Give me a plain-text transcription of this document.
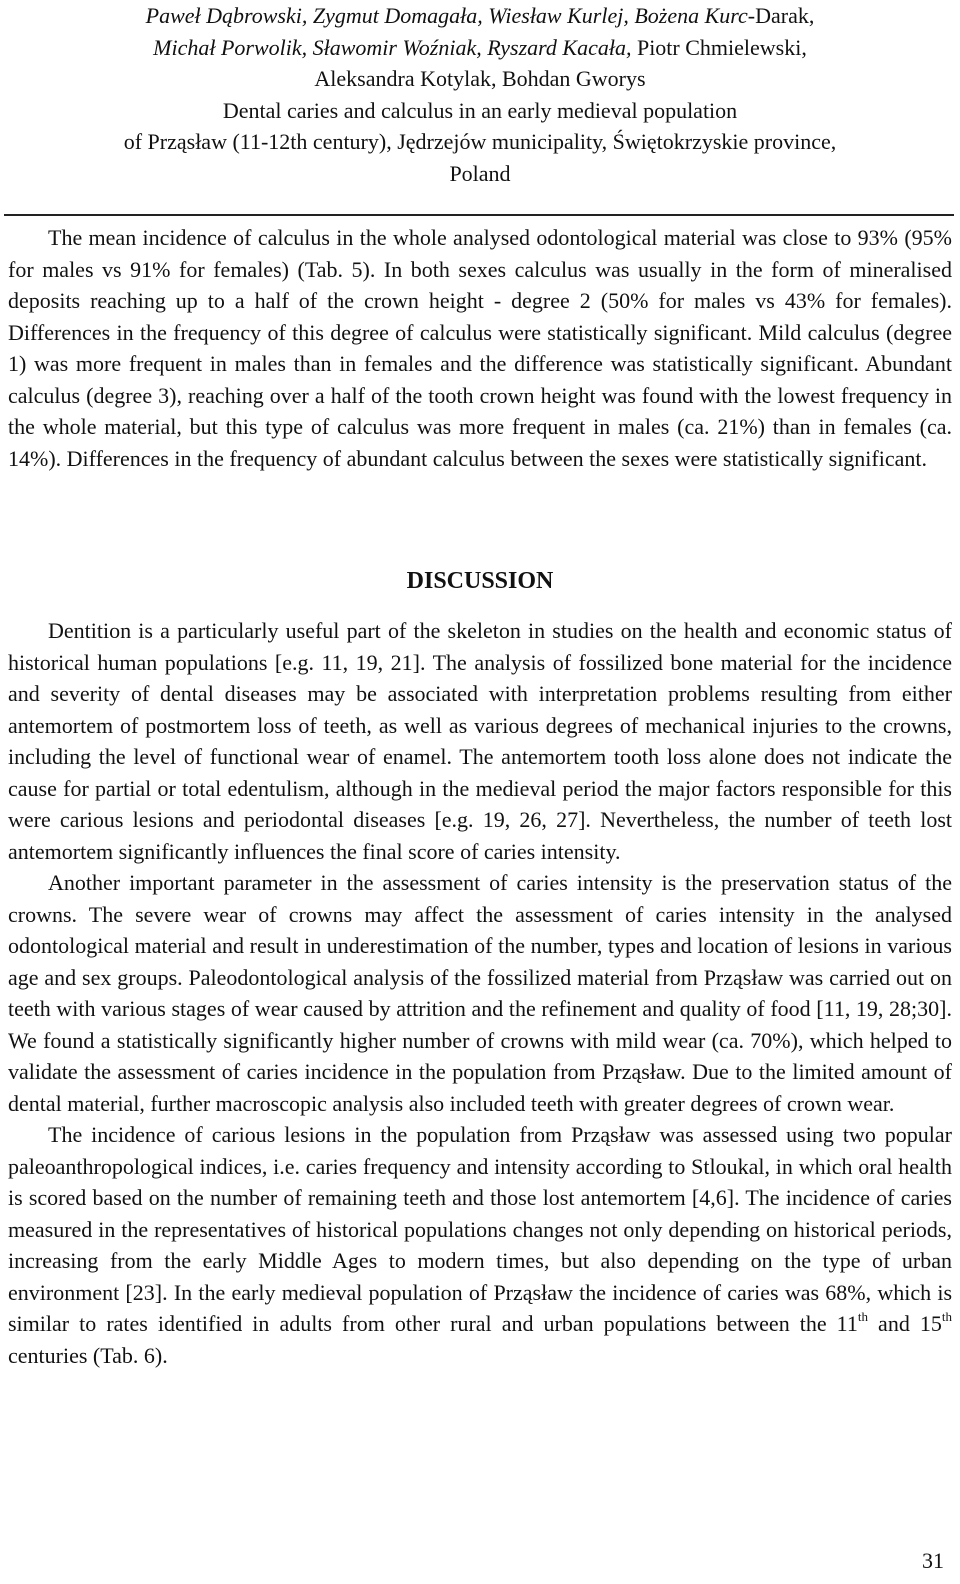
Paweł Dąbrowski, Zygmut Domagała, Wiesław Kurlej, Bożena Kurc-Darak,
Michał Porwolik, Sławomir Woźniak, Ryszard Kacała, Piotr Chmielewski,
Aleksandra Kotylak, Bohdan Gworys
Dental caries and calculus in an early medieval population
of Prząsław (11-12th century), Jędrzejów municipality, Świętokrzyskie province,
Poland

The mean incidence of calculus in the whole analysed odontological material was close to 93% (95% for males vs 91% for females) (Tab. 5). In both sexes calculus was usually in the form of mineralised deposits reaching up to a half of the crown height - degree 2 (50% for males vs 43% for females). Differences in the frequency of this degree of calculus were statistically significant. Mild calculus (degree 1) was more frequent in males than in females and the difference was statistically significant. Abundant calculus (degree 3), reaching over a half of the tooth crown height was found with the lowest frequency in the whole material, but this type of calculus was more frequent in males (ca. 21%) than in females (ca. 14%). Differences in the frequency of abundant calculus between the sexes were statistically significant.

DISCUSSION

Dentition is a particularly useful part of the skeleton in studies on the health and economic status of historical human populations [e.g. 11, 19, 21]. The analysis of fossilized bone material for the incidence and severity of dental diseases may be associated with interpretation problems resulting from either antemortem of postmortem loss of teeth, as well as various degrees of mechanical injuries to the crowns, including the level of functional wear of enamel. The antemortem tooth loss alone does not indicate the cause for partial or total edentulism, although in the medieval period the major factors responsible for this were carious lesions and periodontal diseases [e.g. 19, 26, 27]. Nevertheless, the number of teeth lost antemortem significantly influences the final score of caries intensity.

Another important parameter in the assessment of caries intensity is the preservation status of the crowns. The severe wear of crowns may affect the assessment of caries intensity in the analysed odontological material and result in underestimation of the number, types and location of lesions in various age and sex groups. Paleodontological analysis of the fossilized material from Prząsław was carried out on teeth with various stages of wear caused by attrition and the refinement and quality of food [11, 19, 28;30]. We found a statistically significantly higher number of crowns with mild wear (ca. 70%), which helped to validate the assessment of caries incidence in the population from Prząsław. Due to the limited amount of dental material, further macroscopic analysis also included teeth with greater degrees of crown wear.

The incidence of carious lesions in the population from Prząsław was assessed using two popular paleoanthropological indices, i.e. caries frequency and intensity according to Stloukal, in which oral health is scored based on the number of remaining teeth and those lost antemortem [4,6]. The incidence of caries measured in the representatives of historical populations changes not only depending on historical periods, increasing from the early Middle Ages to modern times, but also depending on the type of urban environment [23]. In the early medieval population of Prząsław the incidence of caries was 68%, which is similar to rates identified in adults from other rural and urban populations between the 11th and 15th centuries (Tab. 6).

31
